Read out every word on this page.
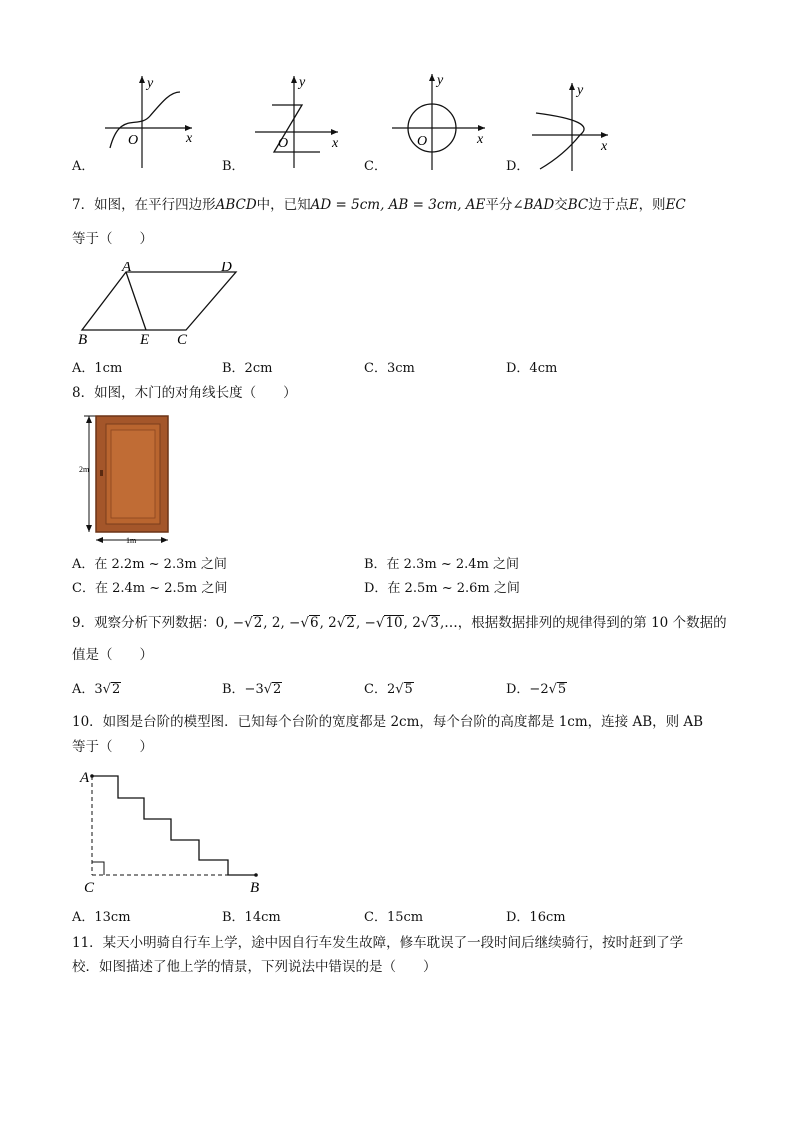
y
x
O
y
x
O
y
x
O
y
x
A．	B．	C．	D．
7．如图，在平行四边形ABCD中，已知AD = 5cm, AB = 3cm, AE平分∠BAD交BC边于点E，则EC
等于（　　）
A	D
B	E C
A．1cm	B．2cm	C．3cm	D．4cm
8．如图，木门的对角线长度（　　）
2m
1m
A．在 2.2m ~ 2.3m 之间	B．在 2.3m ~ 2.4m 之间
C．在 2.4m ~ 2.5m 之间	D．在 2.5m ~ 2.6m 之间
9．观察分析下列数据：0, −√2, 2, −√6, 2√2, −√10, 2√3,…，根据数据排列的规律得到的第 10 个数据的
值是（　　）
A．3√2	B．−3√2	C．2√5	D．−2√5
10．如图是台阶的模型图．已知每个台阶的宽度都是 2cm，每个台阶的高度都是 1cm，连接 AB，则 AB
等于（　　）
A
C	B
A．13cm	B．14cm	C．15cm	D．16cm
11．某天小明骑自行车上学，途中因自行车发生故障，修车耽误了一段时间后继续骑行，按时赶到了学
校．如图描述了他上学的情景，下列说法中错误的是（　　）
